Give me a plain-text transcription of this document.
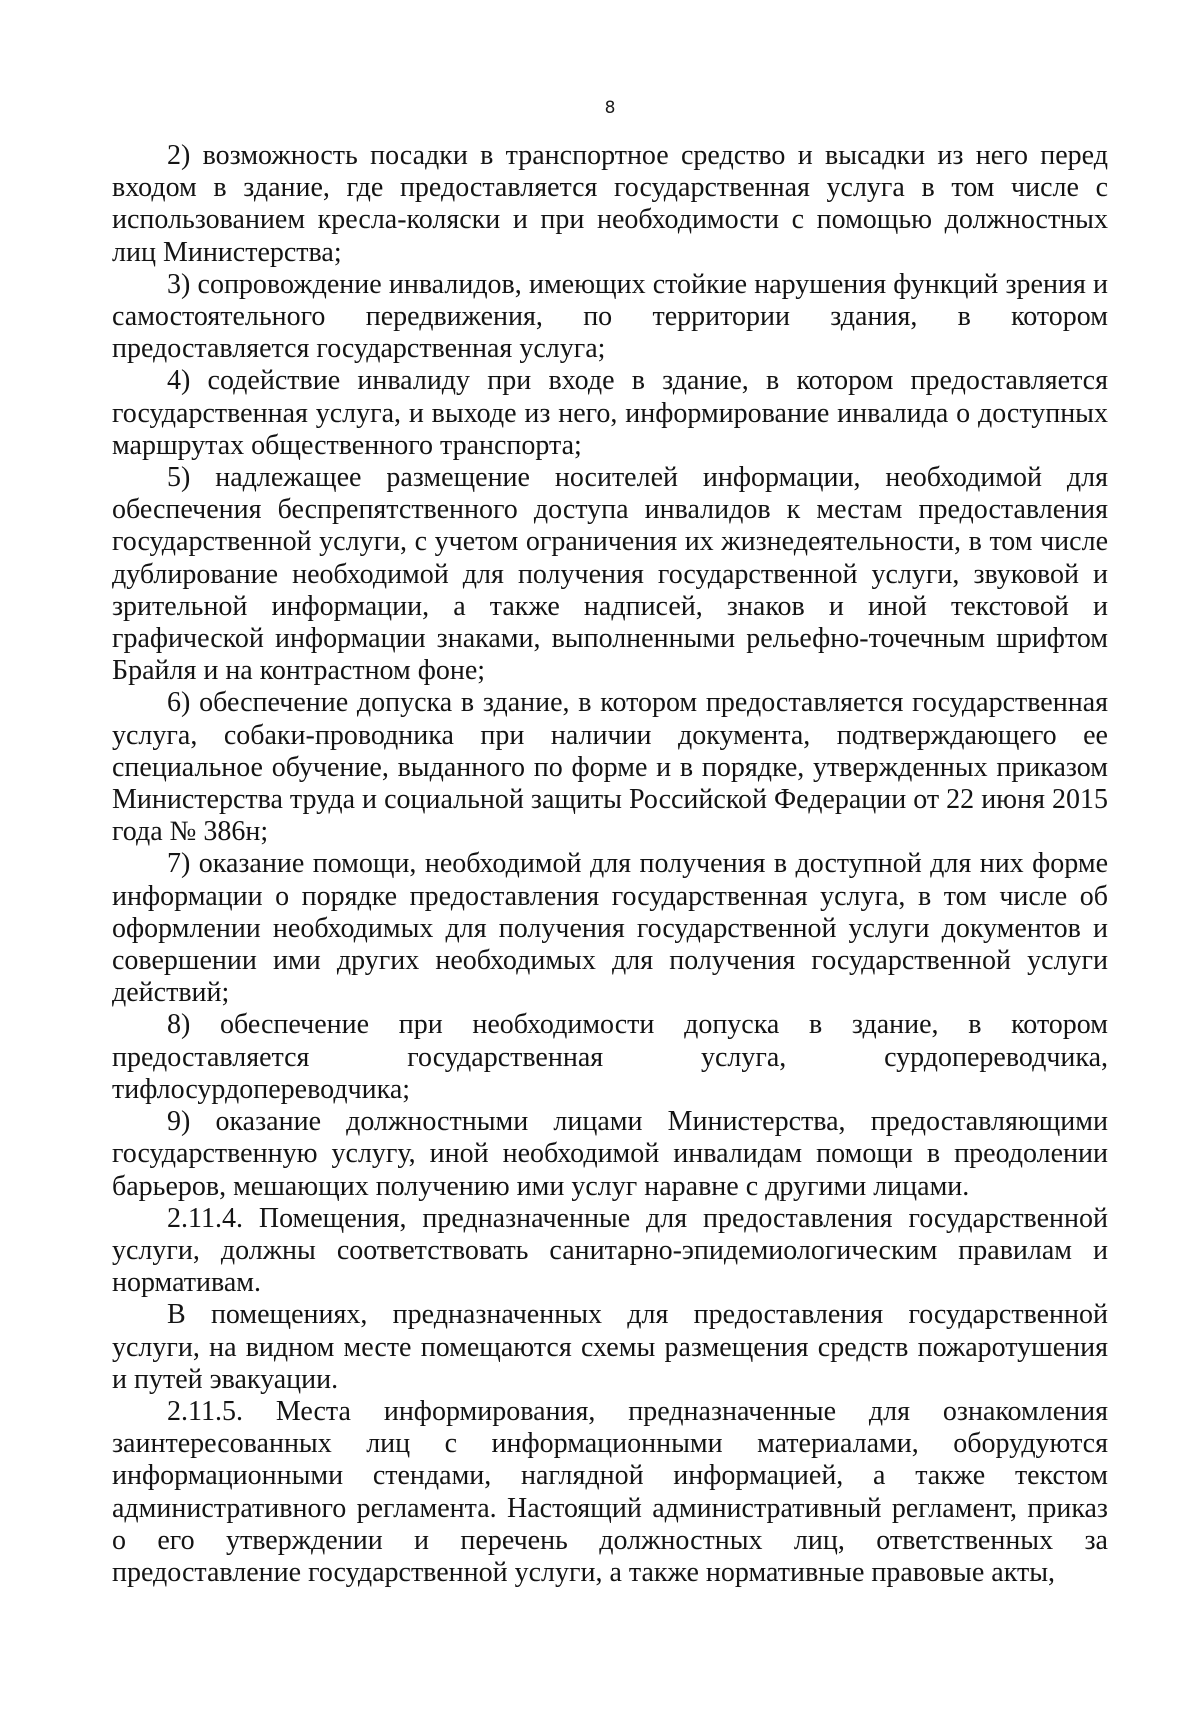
8

2) возможность посадки в транспортное средство и высадки из него перед входом в здание, где предоставляется государственная услуга в том числе с использованием кресла-коляски и при необходимости с помощью должностных лиц Министерства;

3) сопровождение инвалидов, имеющих стойкие нарушения функций зрения и самостоятельного передвижения, по территории здания, в котором предоставляется государственная услуга;

4) содействие инвалиду при входе в здание, в котором предоставляется государственная услуга, и выходе из него, информирование инвалида о доступных маршрутах общественного транспорта;

5) надлежащее размещение носителей информации, необходимой для обеспечения беспрепятственного доступа инвалидов к местам предоставления государственной услуги, с учетом ограничения их жизнедеятельности, в том числе дублирование необходимой для получения государственной услуги, звуковой и зрительной информации, а также надписей, знаков и иной текстовой и графической информации знаками, выполненными рельефно-точечным шрифтом Брайля и на контрастном фоне;

6) обеспечение допуска в здание, в котором предоставляется государственная услуга, собаки-проводника при наличии документа, подтверждающего ее специальное обучение, выданного по форме и в порядке, утвержденных приказом Министерства труда и социальной защиты Российской Федерации от 22 июня 2015 года № 386н;

7) оказание помощи, необходимой для получения в доступной для них форме информации о порядке предоставления государственная услуга, в том числе об оформлении необходимых для получения государственной услуги документов и совершении ими других необходимых для получения государственной услуги действий;

8) обеспечение при необходимости допуска в здание, в котором предоставляется государственная услуга, сурдопереводчика, тифлосурдопереводчика;

9) оказание должностными лицами Министерства, предоставляющими государственную услугу, иной необходимой инвалидам помощи в преодолении барьеров, мешающих получению ими услуг наравне с другими лицами.

2.11.4. Помещения, предназначенные для предоставления государственной услуги, должны соответствовать санитарно-эпидемиологическим правилам и нормативам.

В помещениях, предназначенных для предоставления государственной услуги, на видном месте помещаются схемы размещения средств пожаротушения и путей эвакуации.

2.11.5. Места информирования, предназначенные для ознакомления заинтересованных лиц с информационными материалами, оборудуются информационными стендами, наглядной информацией, а также текстом административного регламента. Настоящий административный регламент, приказ о его утверждении и перечень должностных лиц, ответственных за предоставление государственной услуги, а также нормативные правовые акты,
